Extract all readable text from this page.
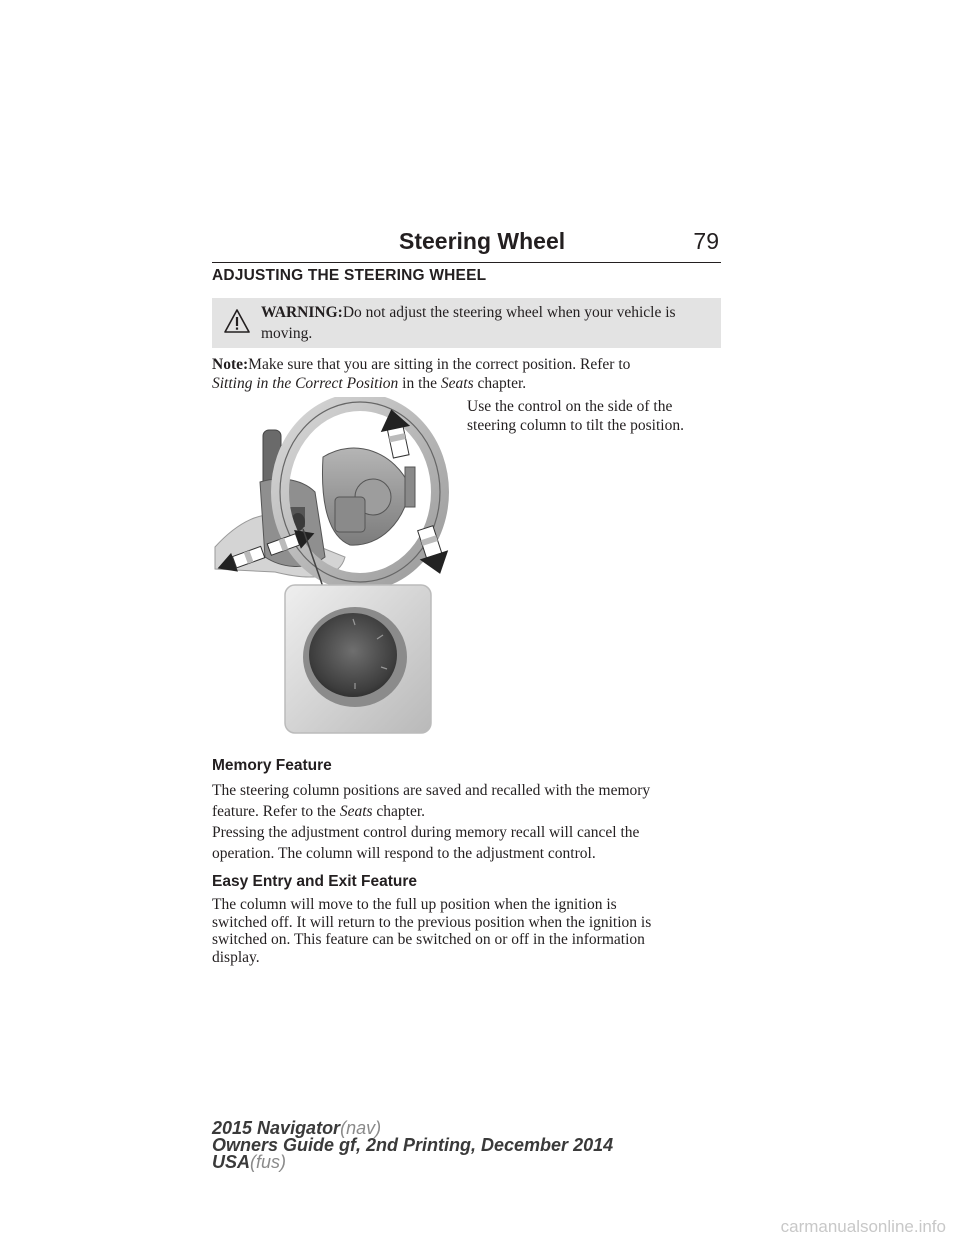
Steering Wheel	79
ADJUSTING THE STEERING WHEEL
WARNING:Do not adjust the steering wheel when your vehicle is moving.
Note:Make sure that you are sitting in the correct position. Refer to
Sitting in the Correct Position in the Seats chapter.
Use the control on the side of the
steering column to tilt the position.
Memory Feature
The steering column positions are saved and recalled with the memory
feature. Refer to the Seats chapter.
Pressing the adjustment control during memory recall will cancel the
operation. The column will respond to the adjustment control.
Easy Entry and Exit Feature
The column will move to the full up position when the ignition is
switched off. It will return to the previous position when the ignition is
switched on. This feature can be switched on or off in the information
display.
2015 Navigator(nav)
Owners Guide gf, 2nd Printing, December 2014
USA(fus)
carmanualsonline.info
